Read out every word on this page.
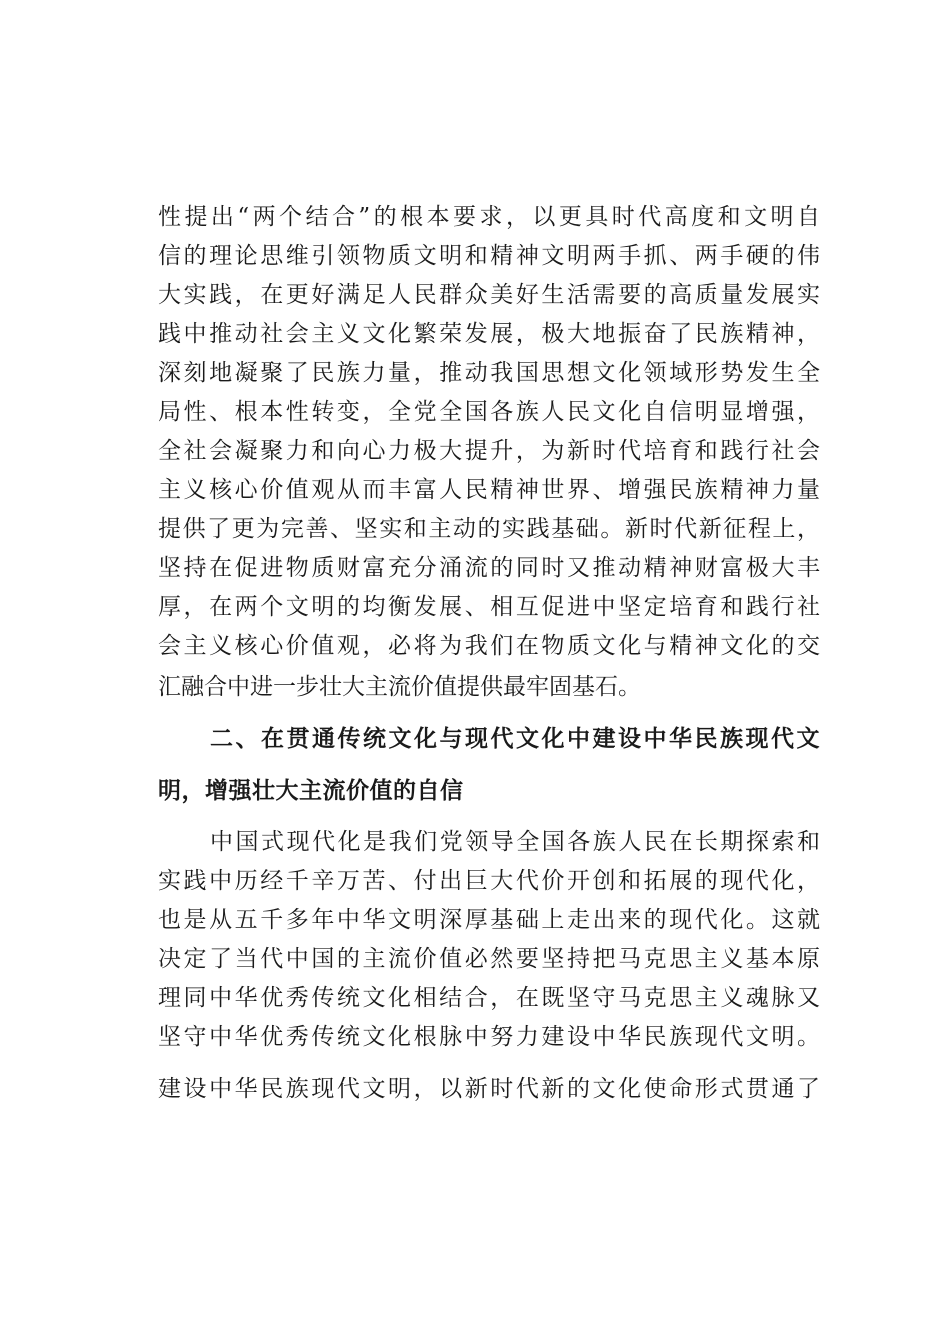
性提出“两个结合”的根本要求，以更具时代高度和文明自
信的理论思维引领物质文明和精神文明两手抓、两手硬的伟
大实践，在更好满足人民群众美好生活需要的高质量发展实
践中推动社会主义文化繁荣发展，极大地振奋了民族精神，
深刻地凝聚了民族力量，推动我国思想文化领域形势发生全
局性、根本性转变，全党全国各族人民文化自信明显增强，
全社会凝聚力和向心力极大提升，为新时代培育和践行社会
主义核心价值观从而丰富人民精神世界、增强民族精神力量
提供了更为完善、坚实和主动的实践基础。新时代新征程上，
坚持在促进物质财富充分涌流的同时又推动精神财富极大丰
厚，在两个文明的均衡发展、相互促进中坚定培育和践行社
会主义核心价值观，必将为我们在物质文化与精神文化的交
汇融合中进一步壮大主流价值提供最牢固基石。
二、在贯通传统文化与现代文化中建设中华民族现代文
明，增强壮大主流价值的自信
中国式现代化是我们党领导全国各族人民在长期探索和
实践中历经千辛万苦、付出巨大代价开创和拓展的现代化，
也是从五千多年中华文明深厚基础上走出来的现代化。这就
决定了当代中国的主流价值必然要坚持把马克思主义基本原
理同中华优秀传统文化相结合，在既坚守马克思主义魂脉又
坚守中华优秀传统文化根脉中努力建设中华民族现代文明。
建设中华民族现代文明，以新时代新的文化使命形式贯通了
